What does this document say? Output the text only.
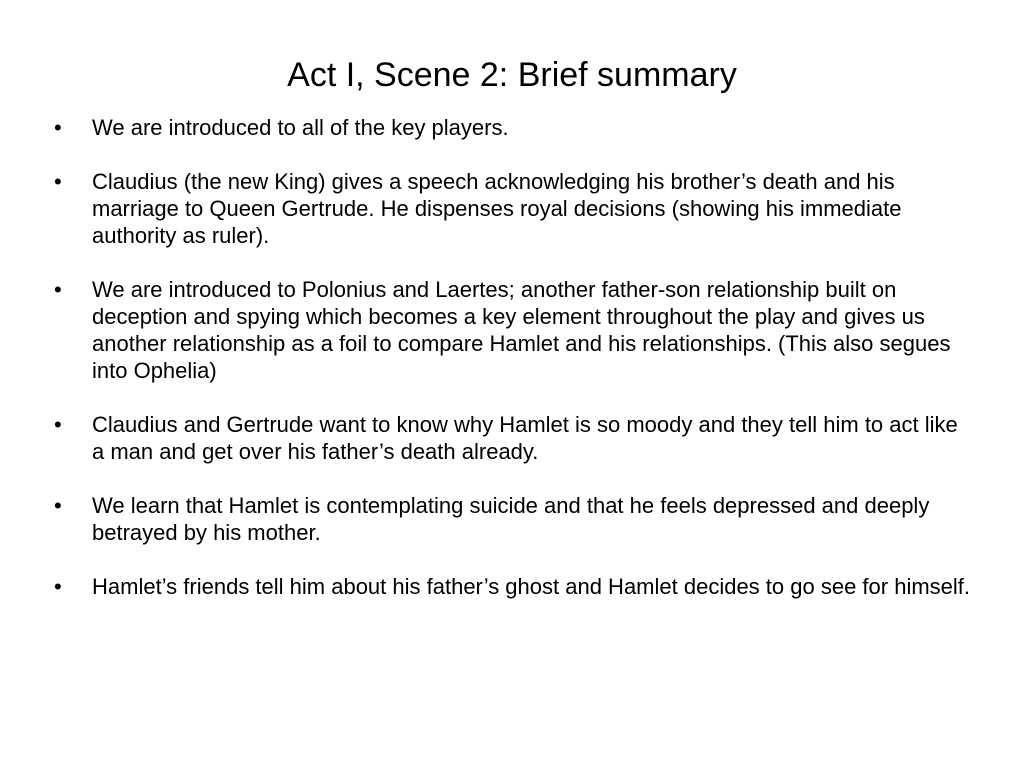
Act I, Scene 2: Brief summary
•	We are introduced to all of the key players.
•	Claudius (the new King) gives a speech acknowledging his brother’s death and his marriage to Queen Gertrude. He dispenses royal decisions (showing his immediate authority as ruler).
•	We are introduced to Polonius and Laertes; another father-son relationship built on deception and spying which becomes a key element throughout the play and gives us another relationship as a foil to compare Hamlet and his relationships. (This also segues into Ophelia)
•	Claudius and Gertrude want to know why Hamlet is so moody and they tell him to act like a man and get over his father’s death already.
•	We learn that Hamlet is contemplating suicide and that he feels depressed and deeply betrayed by his mother.
•	Hamlet’s friends tell him about his father’s ghost and Hamlet decides to go see for himself.
